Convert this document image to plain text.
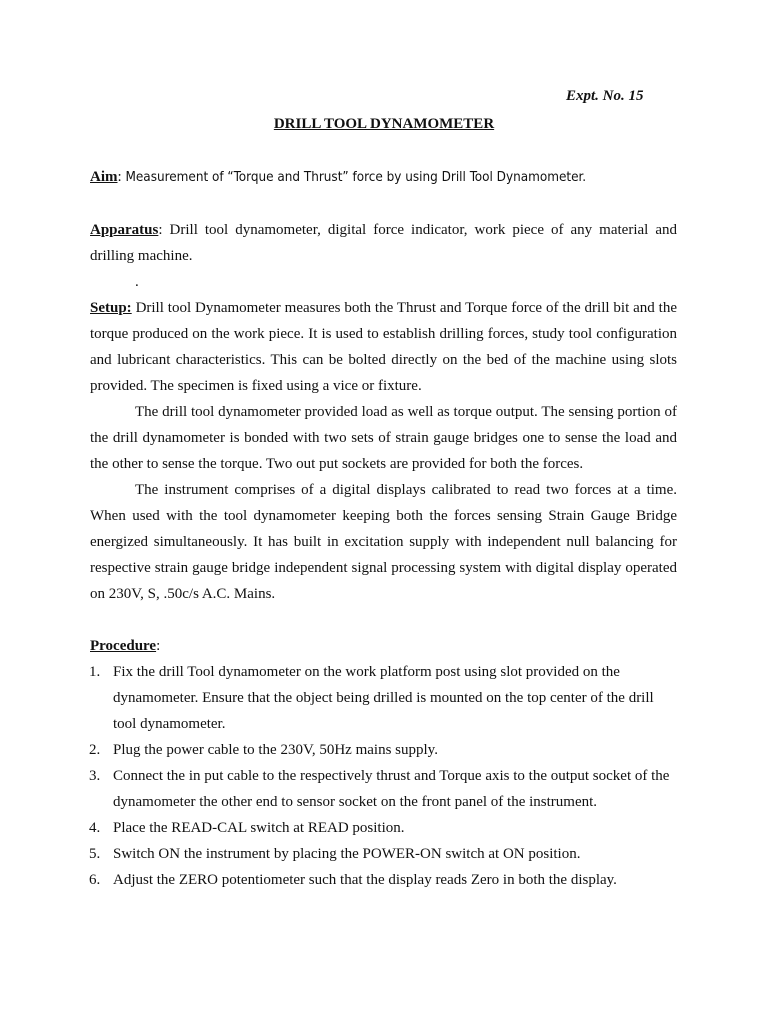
Expt. No. 15
DRILL TOOL DYNAMOMETER

Aim: Measurement of “Torque and Thrust” force by using Drill Tool Dynamometer.

Apparatus: Drill tool dynamometer, digital force indicator, work piece of any material and drilling machine.

.

Setup: Drill tool Dynamometer measures both the Thrust and Torque force of the drill bit and the torque produced on the work piece. It is used to establish drilling forces, study tool configuration and lubricant characteristics. This can be bolted directly on the bed of the machine using slots provided. The specimen is fixed using a vice or fixture.

The drill tool dynamometer provided load as well as torque output. The sensing portion of the drill dynamometer is bonded with two sets of strain gauge bridges one to sense the load and the other to sense the torque. Two out put sockets are provided for both the forces.

The instrument comprises of a digital displays calibrated to read two forces at a time. When used with the tool dynamometer keeping both the forces sensing Strain Gauge Bridge energized simultaneously. It has built in excitation supply with independent null balancing for respective strain gauge bridge independent signal processing system with digital display operated on 230V, S, .50c/s A.C. Mains.

Procedure:

1. Fix the drill Tool dynamometer on the work platform post using slot provided on the dynamometer. Ensure that the object being drilled is mounted on the top center of the drill tool dynamometer.
2. Plug the power cable to the 230V, 50Hz mains supply.
3. Connect the in put cable to the respectively thrust and Torque axis to the output socket of the dynamometer the other end to sensor socket on the front panel of the instrument.
4. Place the READ-CAL switch at READ position.
5. Switch ON the instrument by placing the POWER-ON switch at ON position.
6. Adjust the ZERO potentiometer such that the display reads Zero in both the display.
